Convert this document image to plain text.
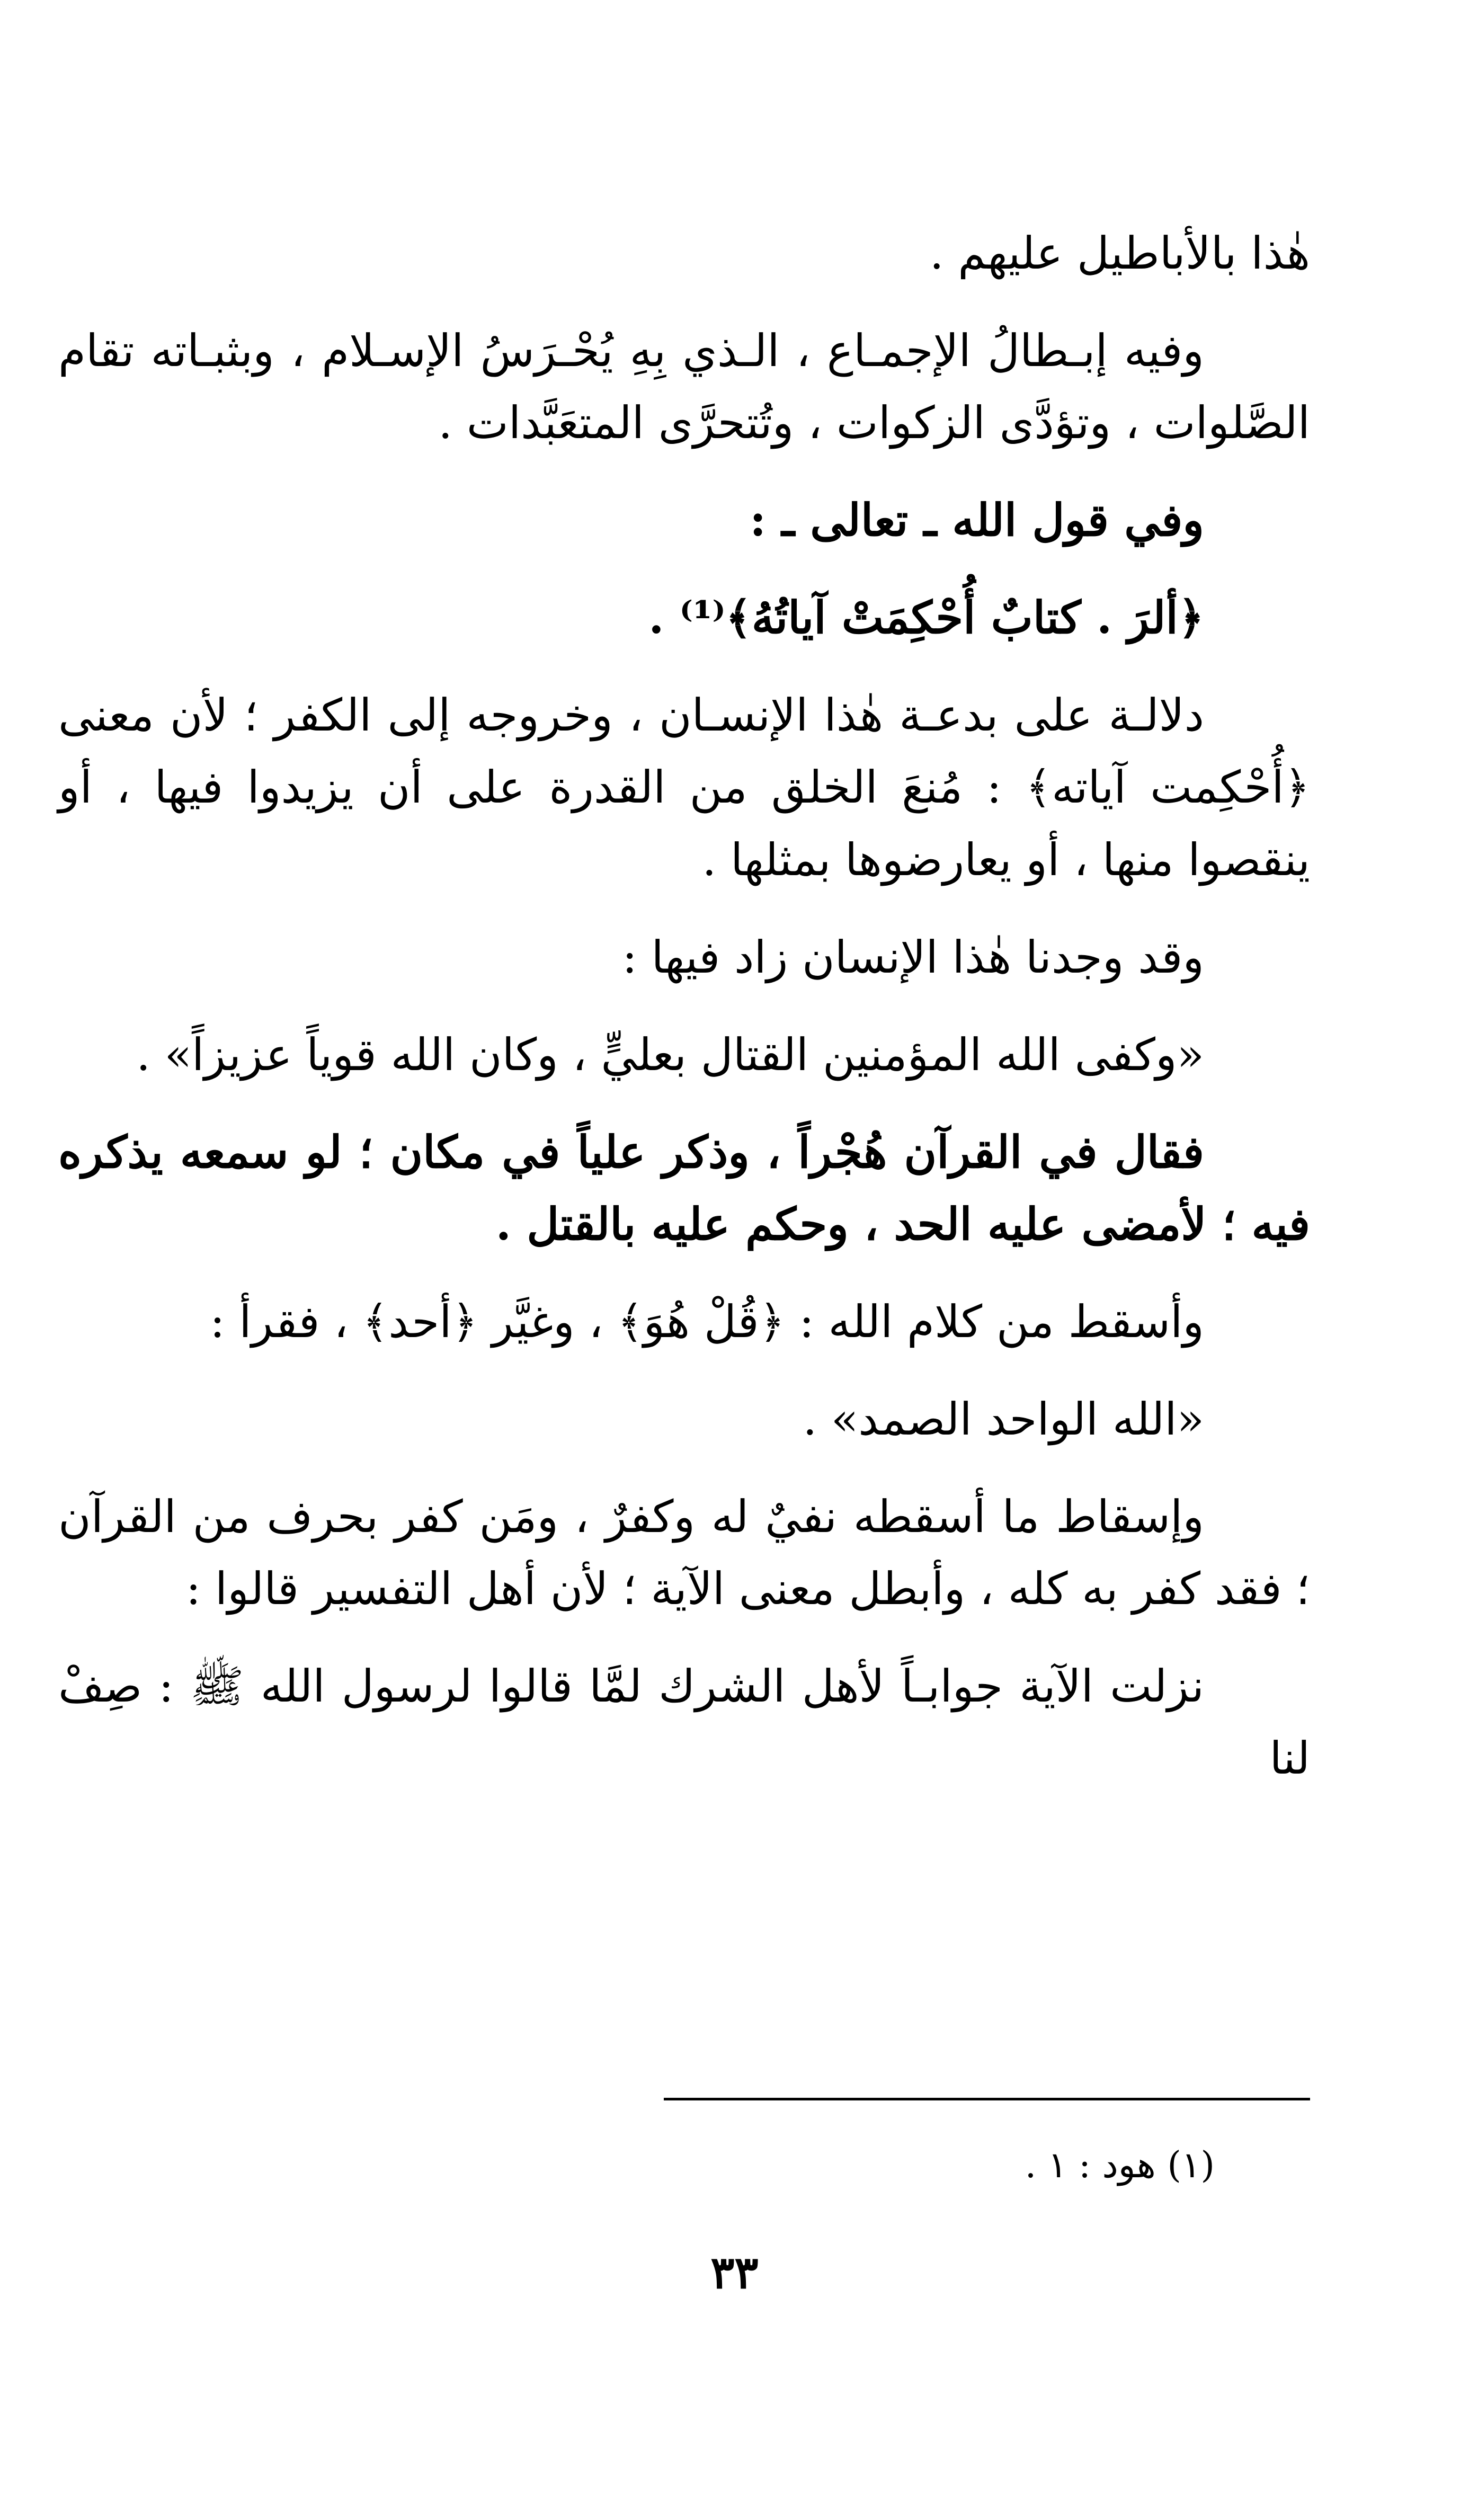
هٰذا بالأباطيل عليهم .

وفيه إبـطالُ الإجمـاع ، الـذي بِهِ يُحْـرَسُ الإسـلام ، وبثبـاته تقام الصَّلوات ، وتؤدَّى الزكوات ، وتُتحرَّى المتعَبَّدات .

وفي قول الله ـ تعالى ـ :

﴿ألرَ . كتابٌ أُحْكِمَتْ آياتُهُ﴾⁽¹⁾ .

دلالـة على بدعـة هٰذا الإنسـان ، وخروجه إلى الكفر ؛ لأن معنى ﴿أُحْكِمت آياته﴾ : مُنعَ الخلق من القدرة على أن يزيدوا فيها ، أو ينقصوا منها ، أو يعارضوها بمثلها .

وقد وجدنا هٰذا الإنسان زاد فيها :

«وكفى الله المؤمنين القتال بعليٍّ ، وكان الله قوياً عزيزاً» .

فقال في القرآن هُجْراً ، وذكر علياً في مكان ؛ لو سمعه يذكره فيه ؛ لأمضى عليه الحد ، وحكم عليه بالقتل .

وأسقط من كلام الله : ﴿قُلْ هُوَ﴾ ، وغيَّر ﴿أحد﴾ ، فقرأ :

«الله الواحد الصمد» .

وإسقاط ما أسقطه نفيٌ له وكفرٌ ، ومَن كفر بحرف من القرآن ؛ فقد كفر به كله ، وأبطل معنى الآية ؛ لأن أهل التفسير قالوا :

نزلت الآية جوابـاً لأهل الشرك لمَّا قالوا لرسول الله ﷺ : صِفْ لنا

(١) هود : ١ .
٣٣
